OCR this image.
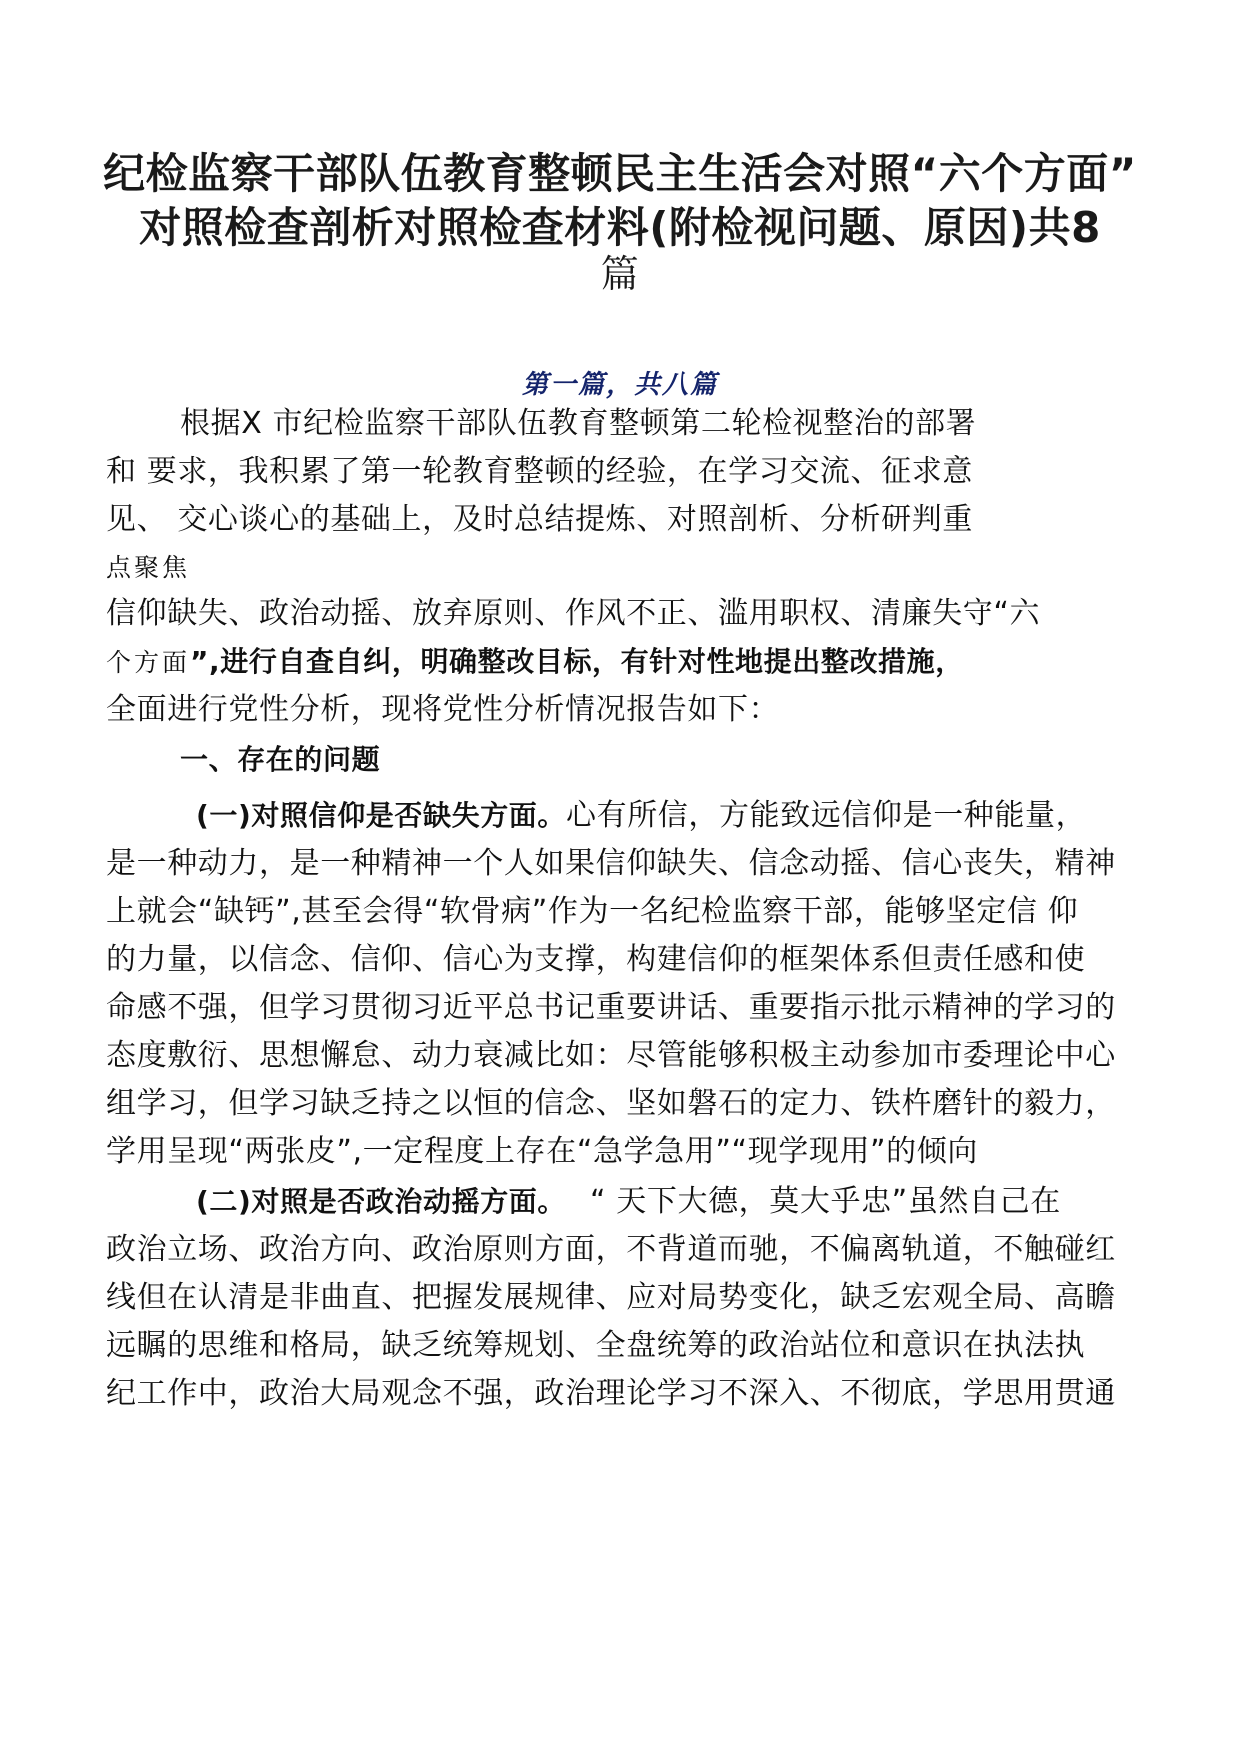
纪检监察干部队伍教育整顿民主生活会对照“六个方面”
对照检查剖析对照检查材料(附检视问题、原因)共8
篇
第一篇，共八篇
根据X 市纪检监察干部队伍教育整顿第二轮检视整治的部署
和 要求，我积累了第一轮教育整顿的经验，在学习交流、征求意
见、 交心谈心的基础上，及时总结提炼、对照剖析、分析研判重
点聚焦
信仰缺失、政治动摇、放弃原则、作风不正、滥用职权、清廉失守“六
个方面”,进行自查自纠，明确整改目标，有针对性地提出整改措施，
全面进行党性分析，现将党性分析情况报告如下：
一、存在的问题
(一)对照信仰是否缺失方面。心有所信，方能致远信仰是一种能量，
是一种动力，是一种精神一个人如果信仰缺失、信念动摇、信心丧失，精神
上就会“缺钙”,甚至会得“软骨病”作为一名纪检监察干部，能够坚定信 仰
的力量，以信念、信仰、信心为支撑，构建信仰的框架体系但责任感和使
命感不强，但学习贯彻习近平总书记重要讲话、重要指示批示精神的学习的
态度敷衍、思想懈怠、动力衰减比如：尽管能够积极主动参加市委理论中心
组学习，但学习缺乏持之以恒的信念、坚如磐石的定力、铁杵磨针的毅力，
学用呈现“两张皮”,一定程度上存在“急学急用”“现学现用”的倾向
(二)对照是否政治动摇方面。 “ 天下大德，莫大乎忠”虽然自己在
政治立场、政治方向、政治原则方面，不背道而驰，不偏离轨道，不触碰红
线但在认清是非曲直、把握发展规律、应对局势变化，缺乏宏观全局、高瞻
远瞩的思维和格局，缺乏统筹规划、全盘统筹的政治站位和意识在执法执
纪工作中，政治大局观念不强，政治理论学习不深入、不彻底，学思用贯通
